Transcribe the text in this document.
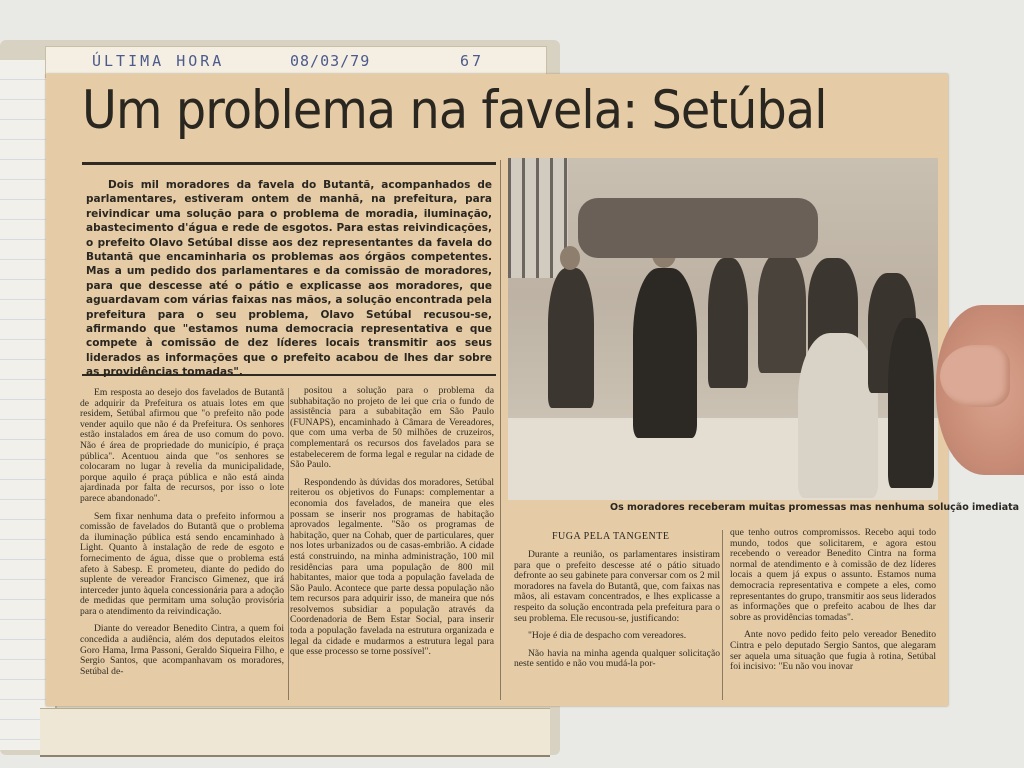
ÚLTIMA HORA	08/03/79	67
Um problema na favela: Setúbal
Dois mil moradores da favela do Butantã, acompanhados de parlamentares, estiveram ontem de manhã, na prefeitura, para reivindicar uma solução para o problema de moradia, iluminação, abastecimento d'água e rede de esgotos. Para estas reivindicações, o prefeito Olavo Setúbal disse aos dez representantes da favela do Butantã que encaminharia os problemas aos órgãos competentes. Mas a um pedido dos parlamentares e da comissão de moradores, para que descesse até o pátio e explicasse aos moradores, que aguardavam com várias faixas nas mãos, a solução encontrada pela prefeitura para o seu problema, Olavo Setúbal recusou-se, afirmando que "estamos numa democracia representativa e que compete à comissão de dez líderes locais transmitir aos seus liderados as informações que o prefeito acabou de lhes dar sobre as providências tomadas".

Em resposta ao desejo dos favelados de Butantã de adquirir da Prefeitura os atuais lotes em que residem, Setúbal afirmou que "o prefeito não pode vender aquilo que não é da Prefeitura. Os senhores estão instalados em área de uso comum do povo. Não é área de propriedade do município, é praça pública". Acentuou ainda que "os senhores se colocaram no lugar à revelia da municipalidade, porque aquilo é praça pública e não está ainda ajardinada por falta de recursos, por isso o lote parece abandonado".

Sem fixar nenhuma data o prefeito informou a comissão de favelados do Butantã que o problema da iluminação pública está sendo encaminhado à Light. Quanto à instalação de rede de esgoto e fornecimento de água, disse que o problema está afeto à Sabesp. E prometeu, diante do pedido do suplente de vereador Francisco Gimenez, que irá interceder junto àquela concessionária para a adoção de medidas que permitam uma solução provisória para o atendimento da reivindicação.

Diante do vereador Benedito Cintra, a quem foi concedida a audiência, além dos deputados eleitos Goro Hama, Irma Passoni, Geraldo Siqueira Filho, e Sergio Santos, que acompanhavam os moradores, Setúbal de-

positou a solução para o problema da subhabitação no projeto de lei que cria o fundo de assistência para a subabitação em São Paulo (FUNAPS), encaminhado à Câmara de Vereadores, que com uma verba de 50 milhões de cruzeiros, complementará os recursos dos favelados para se estabelecerem de forma legal e regular na cidade de São Paulo.

Respondendo às dúvidas dos moradores, Setúbal reiterou os objetivos do Funaps: complementar a economia dos favelados, de maneira que eles possam se inserir nos programas de habitação aprovados legalmente. "São os programas de habitação, quer na Cohab, quer de particulares, quer nos lotes urbanizados ou de casas-embrião. A cidade está construindo, na minha administração, 100 mil residências para uma população de 800 mil habitantes, maior que toda a população favelada de São Paulo. Acontece que parte dessa população não tem recursos para adquirir isso, de maneira que nós resolvemos subsidiar a população através da Coordenadoria de Bem Estar Social, para inserir toda a população favelada na estrutura organizada e legal da cidade e mudarmos a estrutura legal para que esse processo se torne possível".

Os moradores receberam muitas promessas mas nenhuma solução imediata
FUGA PELA TANGENTE

Durante a reunião, os parlamentares insistiram para que o prefeito descesse até o pátio situado defronte ao seu gabinete para conversar com os 2 mil moradores na favela do Butantã, que, com faixas nas mãos, ali estavam concentrados, e lhes explicasse a respeito da solução encontrada pela prefeitura para o seu problema. Ele recusou-se, justificando:

"Hoje é dia de despacho com vereadores.

Não havia na minha agenda qualquer solicitação neste sentido e não vou mudá-la por-

que tenho outros compromissos. Recebo aqui todo mundo, todos que solicitarem, e agora estou recebendo o vereador Benedito Cintra na forma normal de atendimento e à comissão de dez líderes locais a quem já expus o assunto. Estamos numa democracia representativa e compete a eles, como representantes do grupo, transmitir aos seus liderados as informações que o prefeito acabou de lhes dar sobre as providências tomadas".

Ante novo pedido feito pelo vereador Benedito Cintra e pelo deputado Sergio Santos, que alegaram ser aquela uma situação que fugia à rotina, Setúbal foi incisivo: "Eu não vou inovar
